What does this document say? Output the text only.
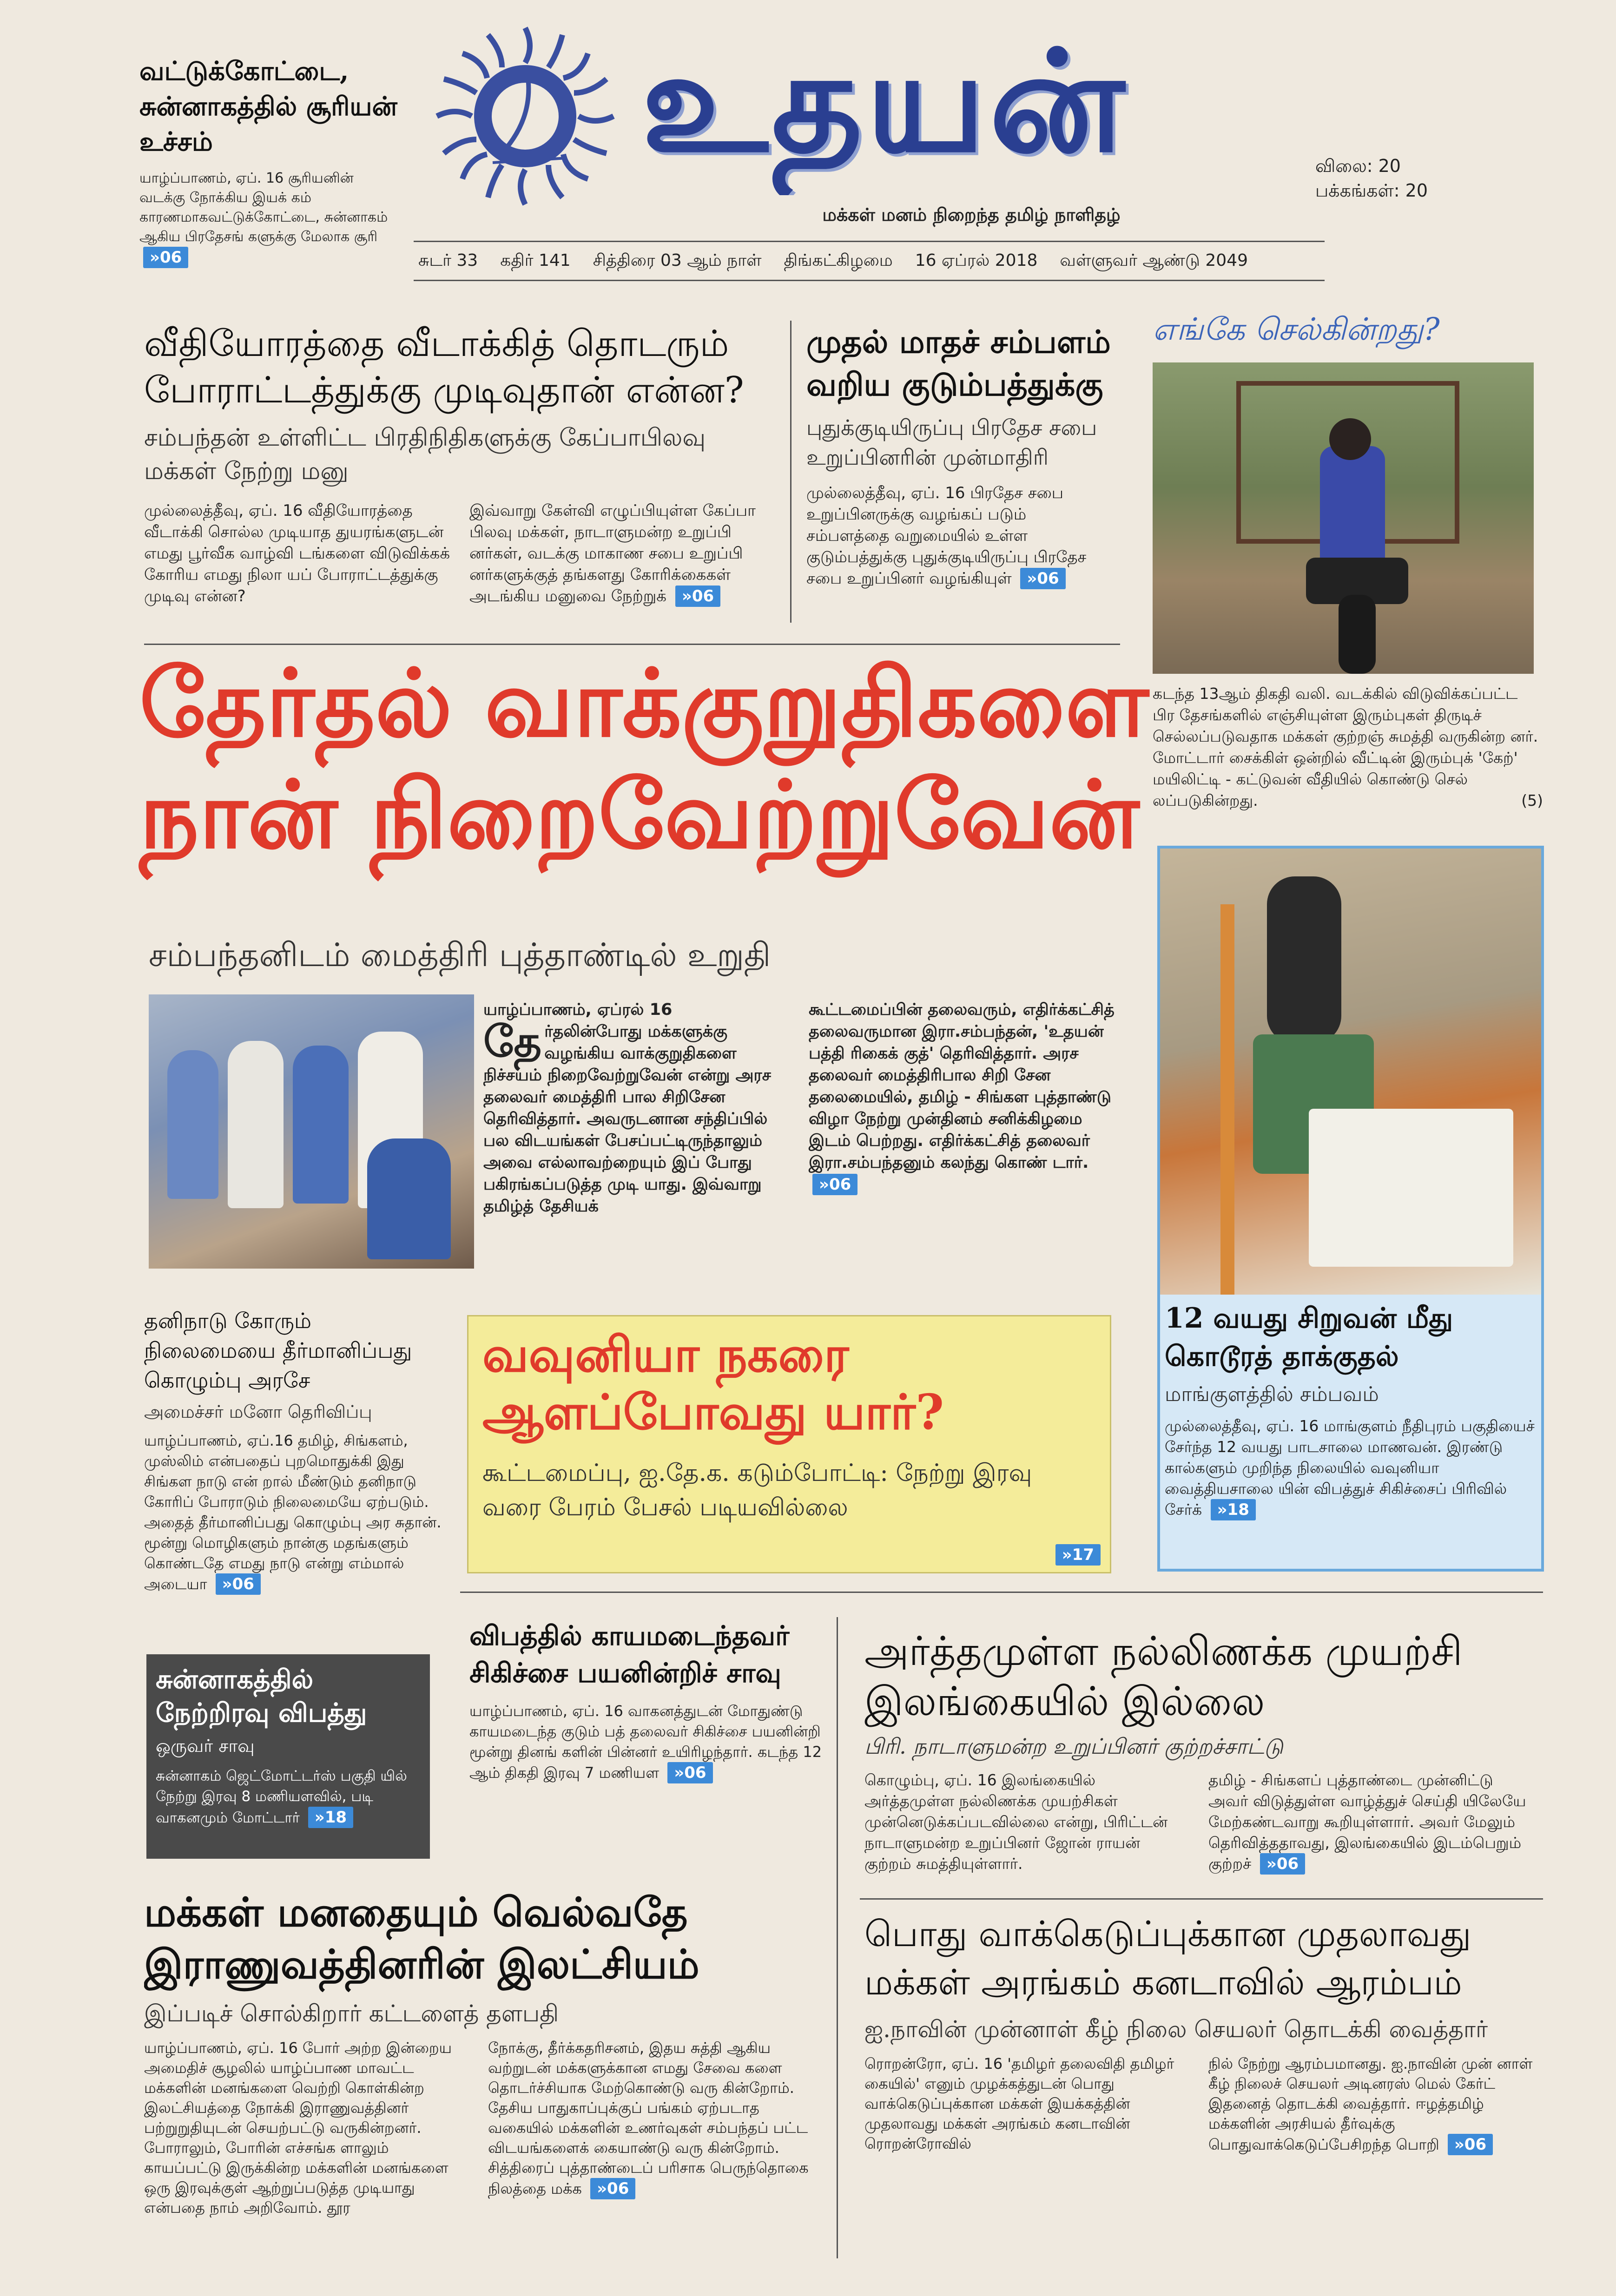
வட்டுக்கோட்டை, சுன்னாகத்தில் சூரியன் உச்சம்
யாழ்ப்பாணம், ஏப். 16 சூரியனின் வடக்கு நோக்கிய இயக் கம் காரணமாகவட்டுக்கோட்டை, சுன்னாகம் ஆகிய பிரதேசங் களுக்கு மேலாக சூரி »06
உதயன்
மக்கள் மனம் நிறைந்த தமிழ் நாளிதழ்
விலை: 20
பக்கங்கள்: 20
சுடர் 33 கதிர் 141 சித்திரை 03 ஆம் நாள் திங்கட்கிழமை 16 ஏப்ரல் 2018 வள்ளுவர் ஆண்டு 2049
வீதியோரத்தை வீடாக்கித் தொடரும் போராட்டத்துக்கு முடிவுதான் என்ன?
சம்பந்தன் உள்ளிட்ட பிரதிநிதிகளுக்கு கேப்பாபிலவு மக்கள் நேற்று மனு
முல்லைத்தீவு, ஏப். 16 வீதியோரத்தை வீடாக்கி சொல்ல முடியாத துயரங்களுடன் எமது பூர்வீக வாழ்வி டங்களை விடுவிக்கக் கோரிய எமது நிலா யப் போராட்டத்துக்கு முடிவு என்ன?
இவ்வாறு கேள்வி எழுப்பியுள்ள கேப்பா பிலவு மக்கள், நாடாளுமன்ற உறுப்பி னர்கள், வடக்கு மாகாண சபை உறுப்பி னர்களுக்குத் தங்களது கோரிக்கைகள் அடங்கிய மனுவை நேற்றுக் »06
முதல் மாதச் சம்பளம் வறிய குடும்பத்துக்கு
புதுக்குடியிருப்பு பிரதேச சபை உறுப்பினரின் முன்மாதிரி
முல்லைத்தீவு, ஏப். 16 பிரதேச சபை உறுப்பினருக்கு வழங்கப் படும் சம்பளத்தை வறுமையில் உள்ள குடும்பத்துக்கு புதுக்குடியிருப்பு பிரதேச சபை உறுப்பினர் வழங்கியுள் »06
எங்கே செல்கின்றது?
கடந்த 13ஆம் திகதி வலி. வடக்கில் விடுவிக்கப்பட்ட பிர தேசங்களில் எஞ்சியுள்ள இரும்புகள் திருடிச் செல்லப்படுவதாக மக்கள் குற்றஞ் சுமத்தி வருகின்ற னர். மோட்டார் சைக்கிள் ஒன்றில் வீட்டின் இரும்புக் 'கேற்' மயிலிட்டி - கட்டுவன் வீதியில் கொண்டு செல் லப்படுகின்றது.	(5)
தேர்தல் வாக்குறுதிகளை
நான் நிறைவேற்றுவேன்
சம்பந்தனிடம் மைத்திரி புத்தாண்டில் உறுதி
யாழ்ப்பாணம், ஏப்ரல் 16
தே ர்தலின்போது மக்களுக்கு வழங்கிய வாக்குறுதிகளை நிச்சயம் நிறைவேற்றுவேன் என்று அரச தலைவர் மைத்திரி பால சிறிசேன தெரிவித்தார். அவருடனான சந்திப்பில் பல விடயங்கள் பேசப்பட்டிருந்தாலும் அவை எல்லாவற்றையும் இப் போது பகிரங்கப்படுத்த முடி யாது. இவ்வாறு தமிழ்த் தேசியக்
கூட்டமைப்பின் தலைவரும், எதிர்க்கட்சித் தலைவருமான இரா.சம்பந்தன், 'உதயன் பத்தி ரிகைக் குத்' தெரிவித்தார். அரச தலைவர் மைத்திரிபால சிறி சேன தலைமையில், தமிழ் - சிங்கள புத்தாண்டு விழா நேற்று முன்தினம் சனிக்கிழமை இடம் பெற்றது. எதிர்க்கட்சித் தலைவர் இரா.சம்பந்தனும் கலந்து கொண் டார். »06
12 வயது சிறுவன் மீது கொடூரத் தாக்குதல்
மாங்குளத்தில் சம்பவம்
முல்லைத்தீவு, ஏப். 16 மாங்குளம் நீதிபுரம் பகுதியைச் சேர்ந்த 12 வயது பாடசாலை மாணவன். இரண்டு கால்களும் முறிந்த நிலையில் வவுனியா வைத்தியசாலை யின் விபத்துச் சிகிச்சைப் பிரிவில் சேர்க் »18
தனிநாடு கோரும் நிலைமையை தீர்மானிப்பது கொழும்பு அரசே
அமைச்சர் மனோ தெரிவிப்பு
யாழ்ப்பாணம், ஏப்.16 தமிழ், சிங்களம், முஸ்லிம் என்பதைப் புறமொதுக்கி இது சிங்கள நாடு என் றால் மீண்டும் தனிநாடு கோரிப் போராடும் நிலைமையே ஏற்படும். அதைத் தீர்மானிப்பது கொழும்பு அர சுதான். மூன்று மொழிகளும் நான்கு மதங்களும் கொண்டதே எமது நாடு என்று எம்மால் அடையா »06
வவுனியா நகரை ஆளப்போவது யார்?
கூட்டமைப்பு, ஐ.தே.க. கடும்போட்டி: நேற்று இரவு வரை பேரம் பேசல் படியவில்லை
»17
சுன்னாகத்தில் நேற்றிரவு விபத்து
ஒருவர் சாவு
சுன்னாகம் ஜெட்மோட்டர்ஸ் பகுதி யில் நேற்று இரவு 8 மணியளவில், படி வாகனமும் மோட்டார் »18
விபத்தில் காயமடைந்தவர் சிகிச்சை பயனின்றிச் சாவு
யாழ்ப்பாணம், ஏப். 16 வாகனத்துடன் மோதுண்டு காயமடைந்த குடும் பத் தலைவர் சிகிச்சை பயனின்றி மூன்று தினங் களின் பின்னர் உயிரிழந்தார். கடந்த 12 ஆம் திகதி இரவு 7 மணியள »06
அர்த்தமுள்ள நல்லிணக்க முயற்சி இலங்கையில் இல்லை
பிரி. நாடாளுமன்ற உறுப்பினர் குற்றச்சாட்டு
கொழும்பு, ஏப். 16 இலங்கையில் அர்த்தமுள்ள நல்லிணக்க முயற்சிகள் முன்னெடுக்கப்படவில்லை என்று, பிரிட்டன் நாடாளுமன்ற உறுப்பினர் ஜோன் ராயன் குற்றம் சுமத்தியுள்ளார்.
தமிழ் - சிங்களப் புத்தாண்டை முன்னிட்டு அவர் விடுத்துள்ள வாழ்த்துச் செய்தி யிலேயே மேற்கண்டவாறு கூறியுள்ளார். அவர் மேலும் தெரிவித்ததாவது, இலங்கையில் இடம்பெறும் குற்றச் »06
மக்கள் மனதையும் வெல்வதே இராணுவத்தினரின் இலட்சியம்
இப்படிச் சொல்கிறார் கட்டளைத் தளபதி
யாழ்ப்பாணம், ஏப். 16 போர் அற்ற இன்றைய அமைதிச் சூழலில் யாழ்ப்பாண மாவட்ட மக்களின் மனங்களை வெற்றி கொள்கின்ற இலட்சியத்தை நோக்கி இராணுவத்தினர் பற்றுறுதியுடன் செயற்பட்டு வருகின்றனர். போராலும், போரின் எச்சங்க ளாலும் காயப்பட்டு இருக்கின்ற மக்களின் மனங்களை ஒரு இரவுக்குள் ஆற்றுப்படுத்த முடியாது என்பதை நாம் அறிவோம். தூர
நோக்கு, தீர்க்கதரிசனம், இதய சுத்தி ஆகிய வற்றுடன் மக்களுக்கான எமது சேவை களை தொடர்ச்சியாக மேற்கொண்டு வரு கின்றோம். தேசிய பாதுகாப்புக்குப் பங்கம் ஏற்படாத வகையில் மக்களின் உணர்வுகள் சம்பந்தப் பட்ட விடயங்களைக் கையாண்டு வரு கின்றோம். சித்திரைப் புத்தாண்டைப் பரிசாக பெருந்தொகை நிலத்தை மக்க »06
பொது வாக்கெடுப்புக்கான முதலாவது மக்கள் அரங்கம் கனடாவில் ஆரம்பம்
ஐ.நாவின் முன்னாள் கீழ் நிலை செயலர் தொடக்கி வைத்தார்
ரொறன்ரோ, ஏப். 16 'தமிழர் தலைவிதி தமிழர் கையில்' எனும் முழக்கத்துடன் பொது வாக்கெடுப்புக்கான மக்கள் இயக்கத்தின் முதலாவது மக்கள் அரங்கம் கனடாவின் ரொறன்ரோவில்
நில் நேற்று ஆரம்பமானது. ஐ.நாவின் முன் னாள் கீழ் நிலைச் செயலர் அடினரஸ் மெல் கேர்ட் இதனைத் தொடக்கி வைத்தார். ஈழத்தமிழ் மக்களின் அரசியல் தீர்வுக்கு பொதுவாக்கெடுப்பேசிறந்த பொறி »06
